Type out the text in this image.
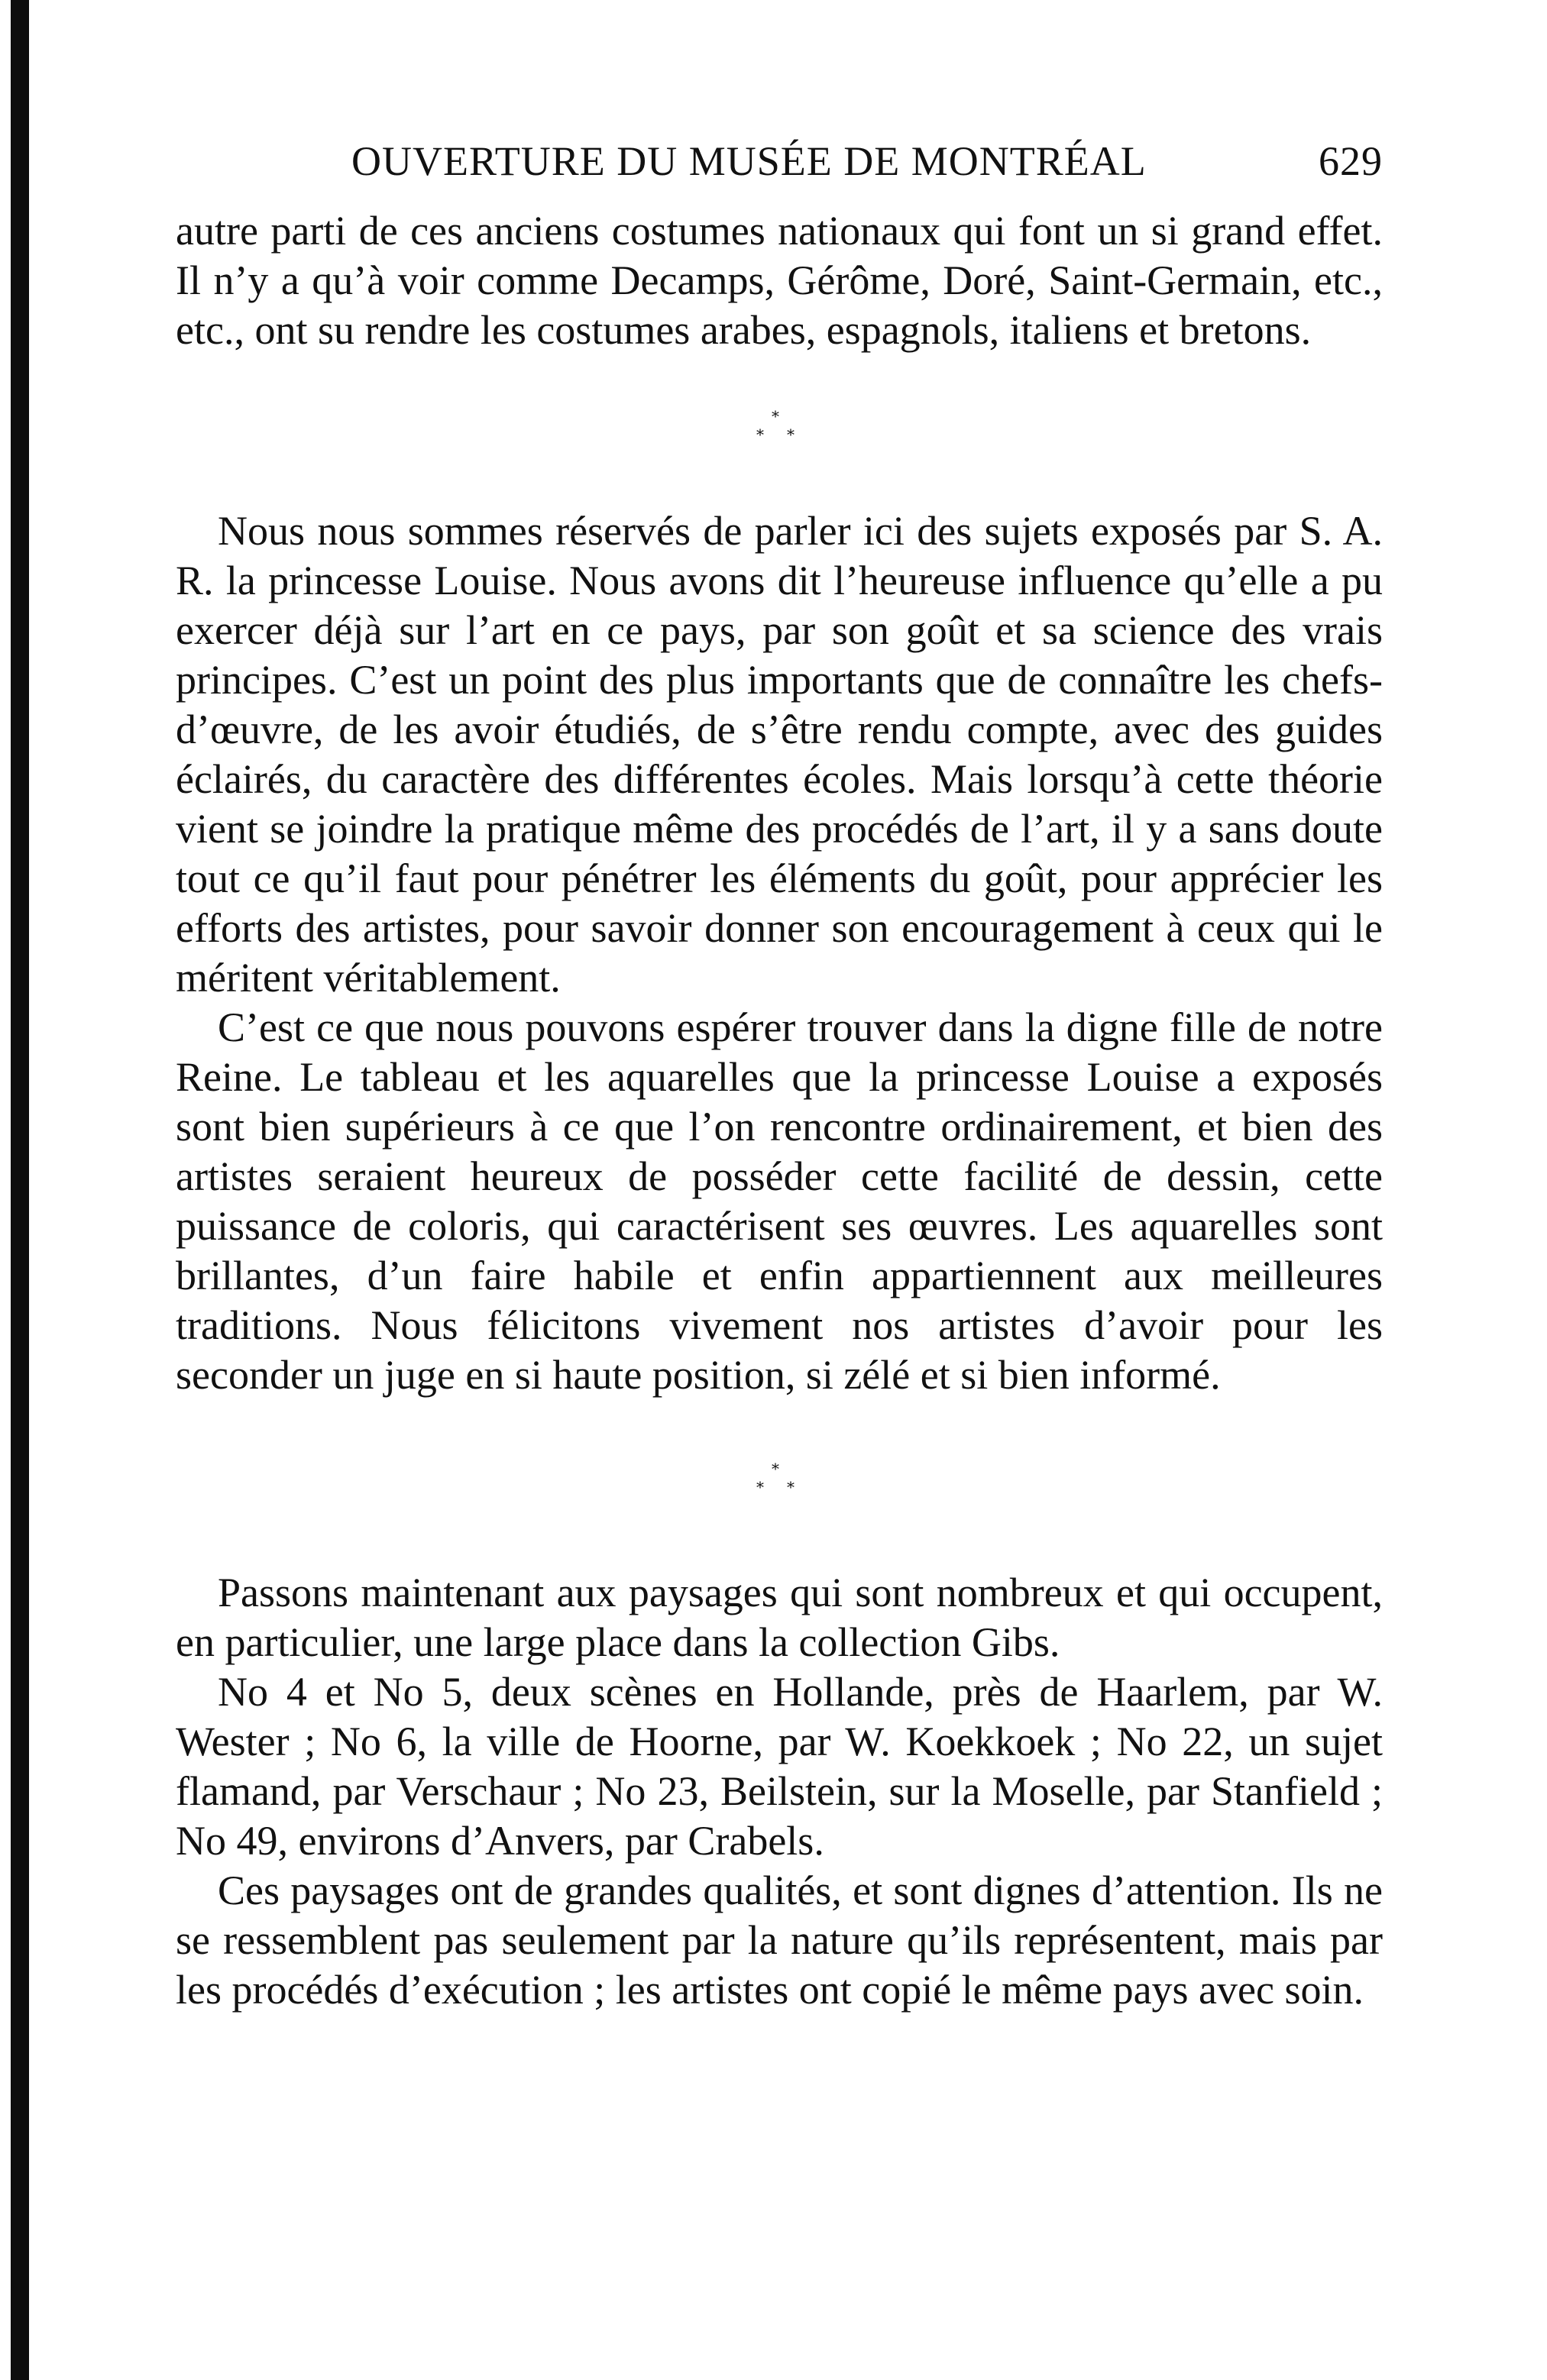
OUVERTURE DU MUSÉE DE MONTRÉAL	629

autre parti de ces anciens costumes nationaux qui font un si grand effet. Il n’y a qu’à voir comme Decamps, Gérôme, Doré, Saint-Germain, etc., etc., ont su rendre les costumes arabes, espagnols, italiens et bretons.

*
* *

Nous nous sommes réservés de parler ici des sujets exposés par S. A. R. la princesse Louise. Nous avons dit l’heureuse influence qu’elle a pu exercer déjà sur l’art en ce pays, par son goût et sa science des vrais principes. C’est un point des plus importants que de connaître les chefs-d’œuvre, de les avoir étudiés, de s’être rendu compte, avec des guides éclairés, du caractère des différentes écoles. Mais lorsqu’à cette théorie vient se joindre la pratique même des procédés de l’art, il y a sans doute tout ce qu’il faut pour pénétrer les éléments du goût, pour apprécier les efforts des artistes, pour savoir donner son encouragement à ceux qui le méritent véritablement.

C’est ce que nous pouvons espérer trouver dans la digne fille de notre Reine. Le tableau et les aquarelles que la princesse Louise a exposés sont bien supérieurs à ce que l’on rencontre ordinairement, et bien des artistes seraient heureux de posséder cette facilité de dessin, cette puissance de coloris, qui caractérisent ses œuvres. Les aquarelles sont brillantes, d’un faire habile et enfin appartiennent aux meilleures traditions. Nous félicitons vivement nos artistes d’avoir pour les seconder un juge en si haute position, si zélé et si bien informé.

*
* *

Passons maintenant aux paysages qui sont nombreux et qui occupent, en particulier, une large place dans la collection Gibs.

No 4 et No 5, deux scènes en Hollande, près de Haarlem, par W. Wester ; No 6, la ville de Hoorne, par W. Koekkoek ; No 22, un sujet flamand, par Verschaur ; No 23, Beilstein, sur la Moselle, par Stanfield ; No 49, environs d’Anvers, par Crabels.

Ces paysages ont de grandes qualités, et sont dignes d’attention. Ils ne se ressemblent pas seulement par la nature qu’ils représentent, mais par les procédés d’exécution ; les artistes ont copié le même pays avec soin.
